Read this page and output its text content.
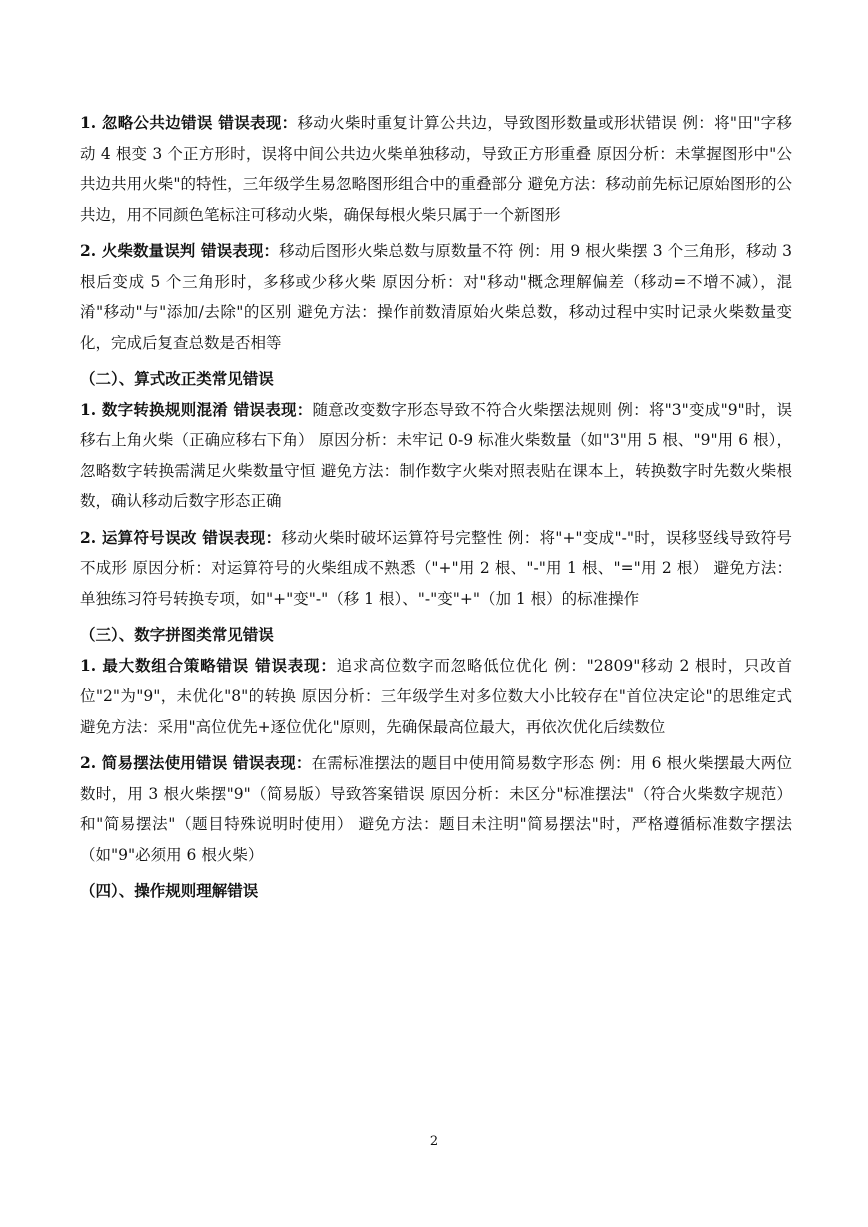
1. 忽略公共边错误 错误表现：移动火柴时重复计算公共边，导致图形数量或形状错误 例：将"田"字移动 4 根变 3 个正方形时，误将中间公共边火柴单独移动，导致正方形重叠 原因分析：未掌握图形中"公共边共用火柴"的特性，三年级学生易忽略图形组合中的重叠部分 避免方法：移动前先标记原始图形的公共边，用不同颜色笔标注可移动火柴，确保每根火柴只属于一个新图形

2. 火柴数量误判 错误表现：移动后图形火柴总数与原数量不符 例：用 9 根火柴摆 3 个三角形，移动 3 根后变成 5 个三角形时，多移或少移火柴 原因分析：对"移动"概念理解偏差（移动=不增不减），混淆"移动"与"添加/去除"的区别 避免方法：操作前数清原始火柴总数，移动过程中实时记录火柴数量变化，完成后复查总数是否相等

（二）、算式改正类常见错误

1. 数字转换规则混淆 错误表现：随意改变数字形态导致不符合火柴摆法规则 例：将"3"变成"9"时，误移右上角火柴（正确应移右下角） 原因分析：未牢记 0-9 标准火柴数量（如"3"用 5 根、"9"用 6 根），忽略数字转换需满足火柴数量守恒 避免方法：制作数字火柴对照表贴在课本上，转换数字时先数火柴根数，确认移动后数字形态正确

2. 运算符号误改 错误表现：移动火柴时破坏运算符号完整性 例：将"+"变成"-"时，误移竖线导致符号不成形 原因分析：对运算符号的火柴组成不熟悉（"+"用 2 根、"-"用 1 根、"="用 2 根） 避免方法：单独练习符号转换专项，如"+"变"-"（移 1 根）、"-"变"+"（加 1 根）的标准操作

（三）、数字拼图类常见错误

1. 最大数组合策略错误 错误表现：追求高位数字而忽略低位优化 例："2809"移动 2 根时，只改首位"2"为"9"，未优化"8"的转换 原因分析：三年级学生对多位数大小比较存在"首位决定论"的思维定式 避免方法：采用"高位优先+逐位优化"原则，先确保最高位最大，再依次优化后续数位

2. 简易摆法使用错误 错误表现：在需标准摆法的题目中使用简易数字形态 例：用 6 根火柴摆最大两位数时，用 3 根火柴摆"9"（简易版）导致答案错误 原因分析：未区分"标准摆法"（符合火柴数字规范）和"简易摆法"（题目特殊说明时使用） 避免方法：题目未注明"简易摆法"时，严格遵循标准数字摆法（如"9"必须用 6 根火柴）

（四）、操作规则理解错误

2
